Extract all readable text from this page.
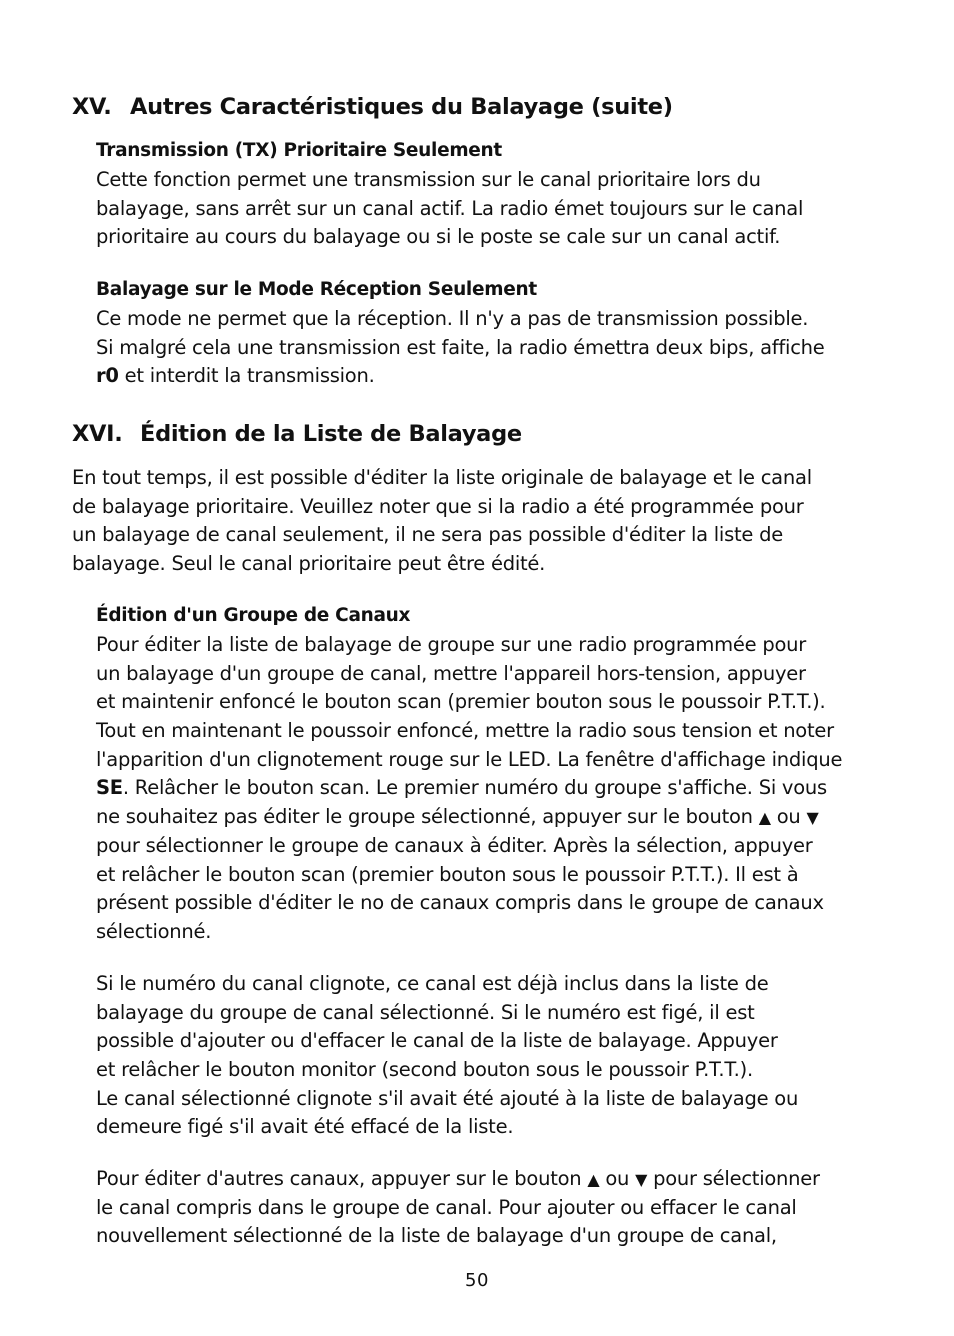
XV. Autres Caractéristiques du Balayage (suite)
Transmission (TX) Prioritaire Seulement
Cette fonction permet une transmission sur le canal prioritaire lors du
balayage, sans arrêt sur un canal actif. La radio émet toujours sur le canal
prioritaire au cours du balayage ou si le poste se cale sur un canal actif.
Balayage sur le Mode Réception Seulement
Ce mode ne permet que la réception. Il n'y a pas de transmission possible.
Si malgré cela une transmission est faite, la radio émettra deux bips, affiche
r0 et interdit la transmission.
XVI. Édition de la Liste de Balayage
En tout temps, il est possible d'éditer la liste originale de balayage et le canal
de balayage prioritaire. Veuillez noter que si la radio a été programmée pour
un balayage de canal seulement, il ne sera pas possible d'éditer la liste de
balayage. Seul le canal prioritaire peut être édité.
Édition d'un Groupe de Canaux
Pour éditer la liste de balayage de groupe sur une radio programmée pour
un balayage d'un groupe de canal, mettre l'appareil hors-tension, appuyer
et maintenir enfoncé le bouton scan (premier bouton sous le poussoir P.T.T.).
Tout en maintenant le poussoir enfoncé, mettre la radio sous tension et noter
l'apparition d'un clignotement rouge sur le LED. La fenêtre d'affichage indique
SE. Relâcher le bouton scan. Le premier numéro du groupe s'affiche. Si vous
ne souhaitez pas éditer le groupe sélectionné, appuyer sur le bouton ▲ ou ▼
pour sélectionner le groupe de canaux à éditer. Après la sélection, appuyer
et relâcher le bouton scan (premier bouton sous le poussoir P.T.T.). Il est à
présent possible d'éditer le no de canaux compris dans le groupe de canaux
sélectionné.
Si le numéro du canal clignote, ce canal est déjà inclus dans la liste de
balayage du groupe de canal sélectionné. Si le numéro est figé, il est
possible d'ajouter ou d'effacer le canal de la liste de balayage. Appuyer
et relâcher le bouton monitor (second bouton sous le poussoir P.T.T.).
Le canal sélectionné clignote s'il avait été ajouté à la liste de balayage ou
demeure figé s'il avait été effacé de la liste.
Pour éditer d'autres canaux, appuyer sur le bouton ▲ ou ▼ pour sélectionner
le canal compris dans le groupe de canal. Pour ajouter ou effacer le canal
nouvellement sélectionné de la liste de balayage d'un groupe de canal,
50
